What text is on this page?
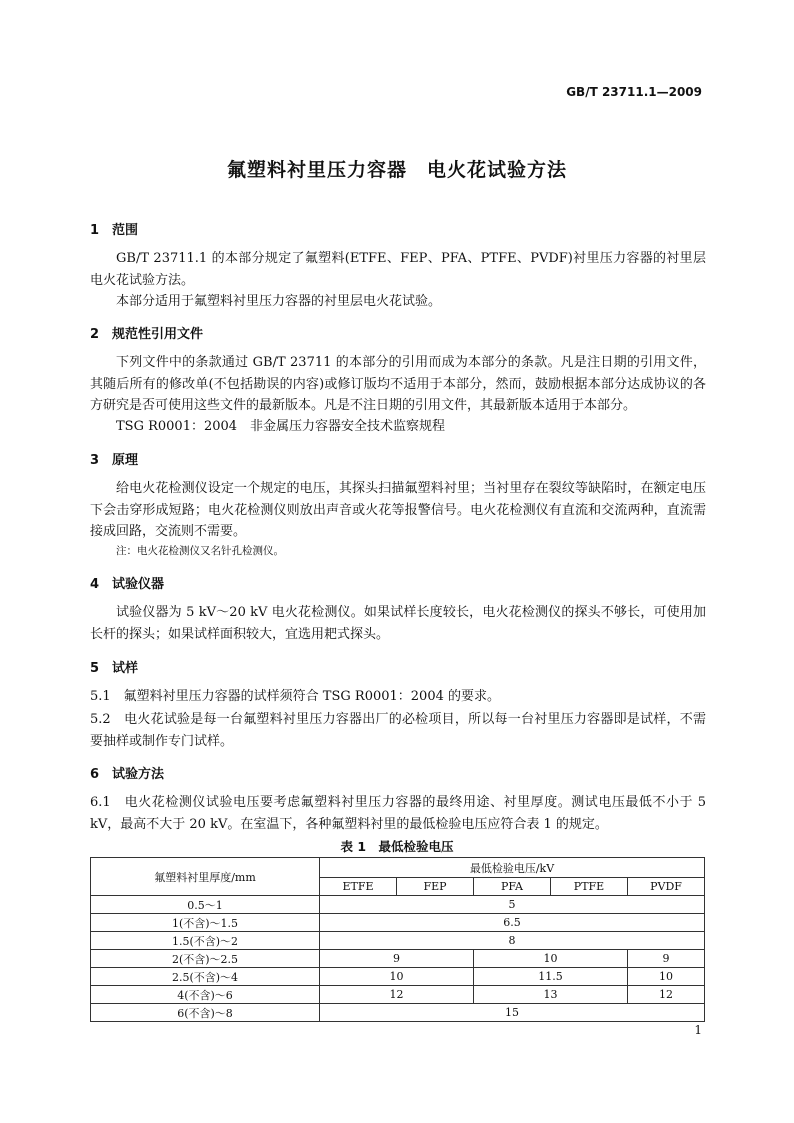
GB/T 23711.1—2009
氟塑料衬里压力容器　电火花试验方法
1 范围
GB/T 23711.1 的本部分规定了氟塑料(ETFE、FEP、PFA、PTFE、PVDF)衬里压力容器的衬里层电火花试验方法。
本部分适用于氟塑料衬里压力容器的衬里层电火花试验。
2 规范性引用文件
下列文件中的条款通过 GB/T 23711 的本部分的引用而成为本部分的条款。凡是注日期的引用文件，其随后所有的修改单(不包括勘误的内容)或修订版均不适用于本部分，然而，鼓励根据本部分达成协议的各方研究是否可使用这些文件的最新版本。凡是不注日期的引用文件，其最新版本适用于本部分。
TSG R0001：2004　非金属压力容器安全技术监察规程
3 原理
给电火花检测仪设定一个规定的电压，其探头扫描氟塑料衬里；当衬里存在裂纹等缺陷时，在额定电压下会击穿形成短路；电火花检测仪则放出声音或火花等报警信号。电火花检测仪有直流和交流两种，直流需接成回路，交流则不需要。
注：电火花检测仪又名针孔检测仪。
4 试验仪器
试验仪器为 5 kV～20 kV 电火花检测仪。如果试样长度较长，电火花检测仪的探头不够长，可使用加长杆的探头；如果试样面积较大，宜选用耙式探头。
5 试样
5.1　氟塑料衬里压力容器的试样须符合 TSG R0001：2004 的要求。
5.2　电火花试验是每一台氟塑料衬里压力容器出厂的必检项目，所以每一台衬里压力容器即是试样，不需要抽样或制作专门试样。
6 试验方法
6.1　电火花检测仪试验电压要考虑氟塑料衬里压力容器的最终用途、衬里厚度。测试电压最低不小于 5 kV，最高不大于 20 kV。在室温下，各种氟塑料衬里的最低检验电压应符合表 1 的规定。
表 1　最低检验电压
氟塑料衬里厚度/mm	最低检验电压/kV				
	ETFE	FEP	PFA	PTFE	PVDF
0.5～1	5				
1(不含)～1.5	6.5				
1.5(不含)～2	8				
2(不含)～2.5	9		10		9
2.5(不含)～4	10		11.5		10
4(不含)～6	12		13		12
6(不含)～8	15				
1
